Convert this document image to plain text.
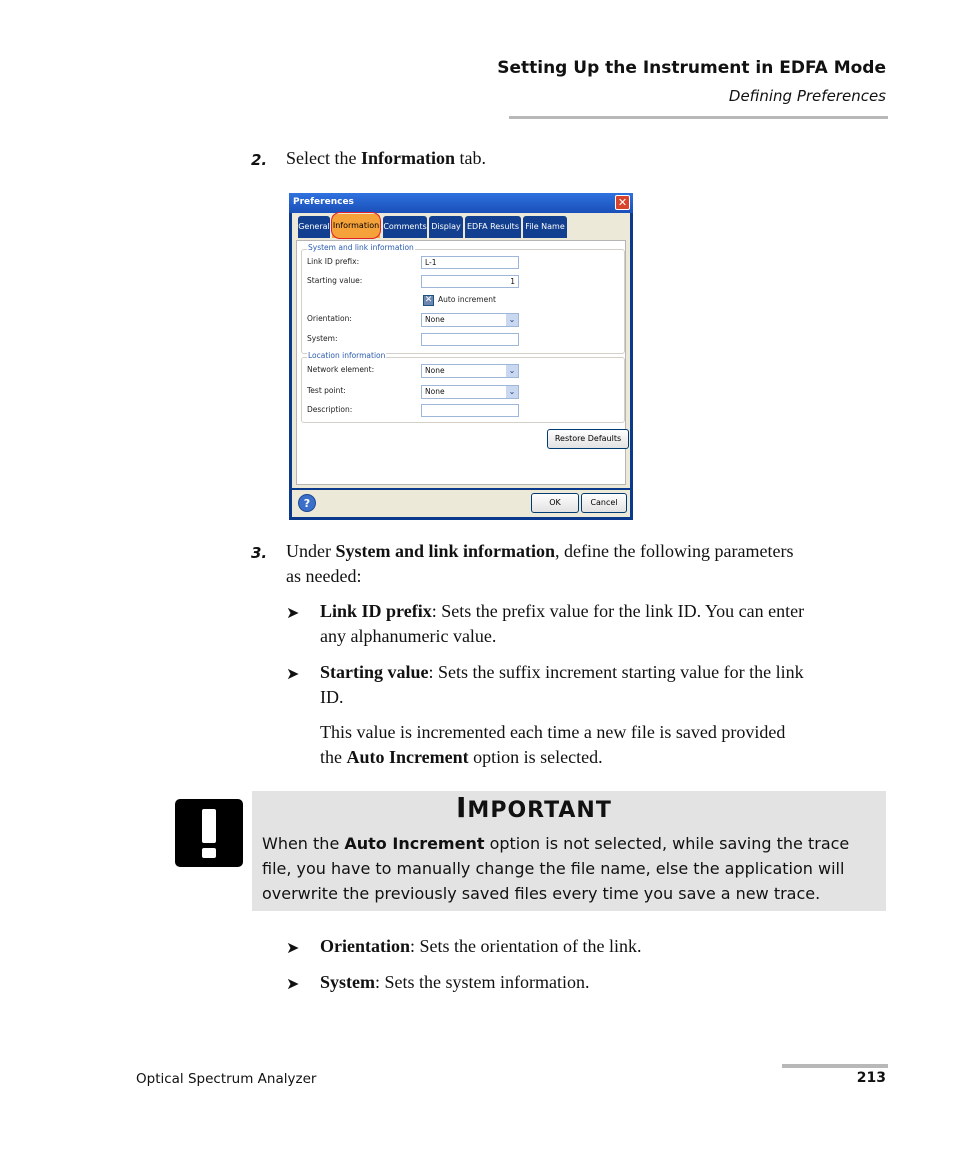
Setting Up the Instrument in EDFA Mode
Defining Preferences
2. Select the Information tab.
Preferences	✕
General Information Comments Display EDFA Results File Name
System and link information
Link ID prefix:	L-1
Starting value:	1
✕ Auto increment
Orientation:	None	⌄
System:
Location information
Network element:	None	⌄
Test point:	None	⌄
Description:
Restore Defaults
?	OK	Cancel
3. Under System and link information, define the following parameters
as needed:
➤ Link ID prefix: Sets the prefix value for the link ID. You can enter
any alphanumeric value.
➤ Starting value: Sets the suffix increment starting value for the link
ID.
This value is incremented each time a new file is saved provided
the Auto Increment option is selected.
IMPORTANT
When the Auto Increment option is not selected, while saving the trace
file, you have to manually change the file name, else the application will
overwrite the previously saved files every time you save a new trace.
➤ Orientation: Sets the orientation of the link.
➤ System: Sets the system information.
Optical Spectrum Analyzer	213
